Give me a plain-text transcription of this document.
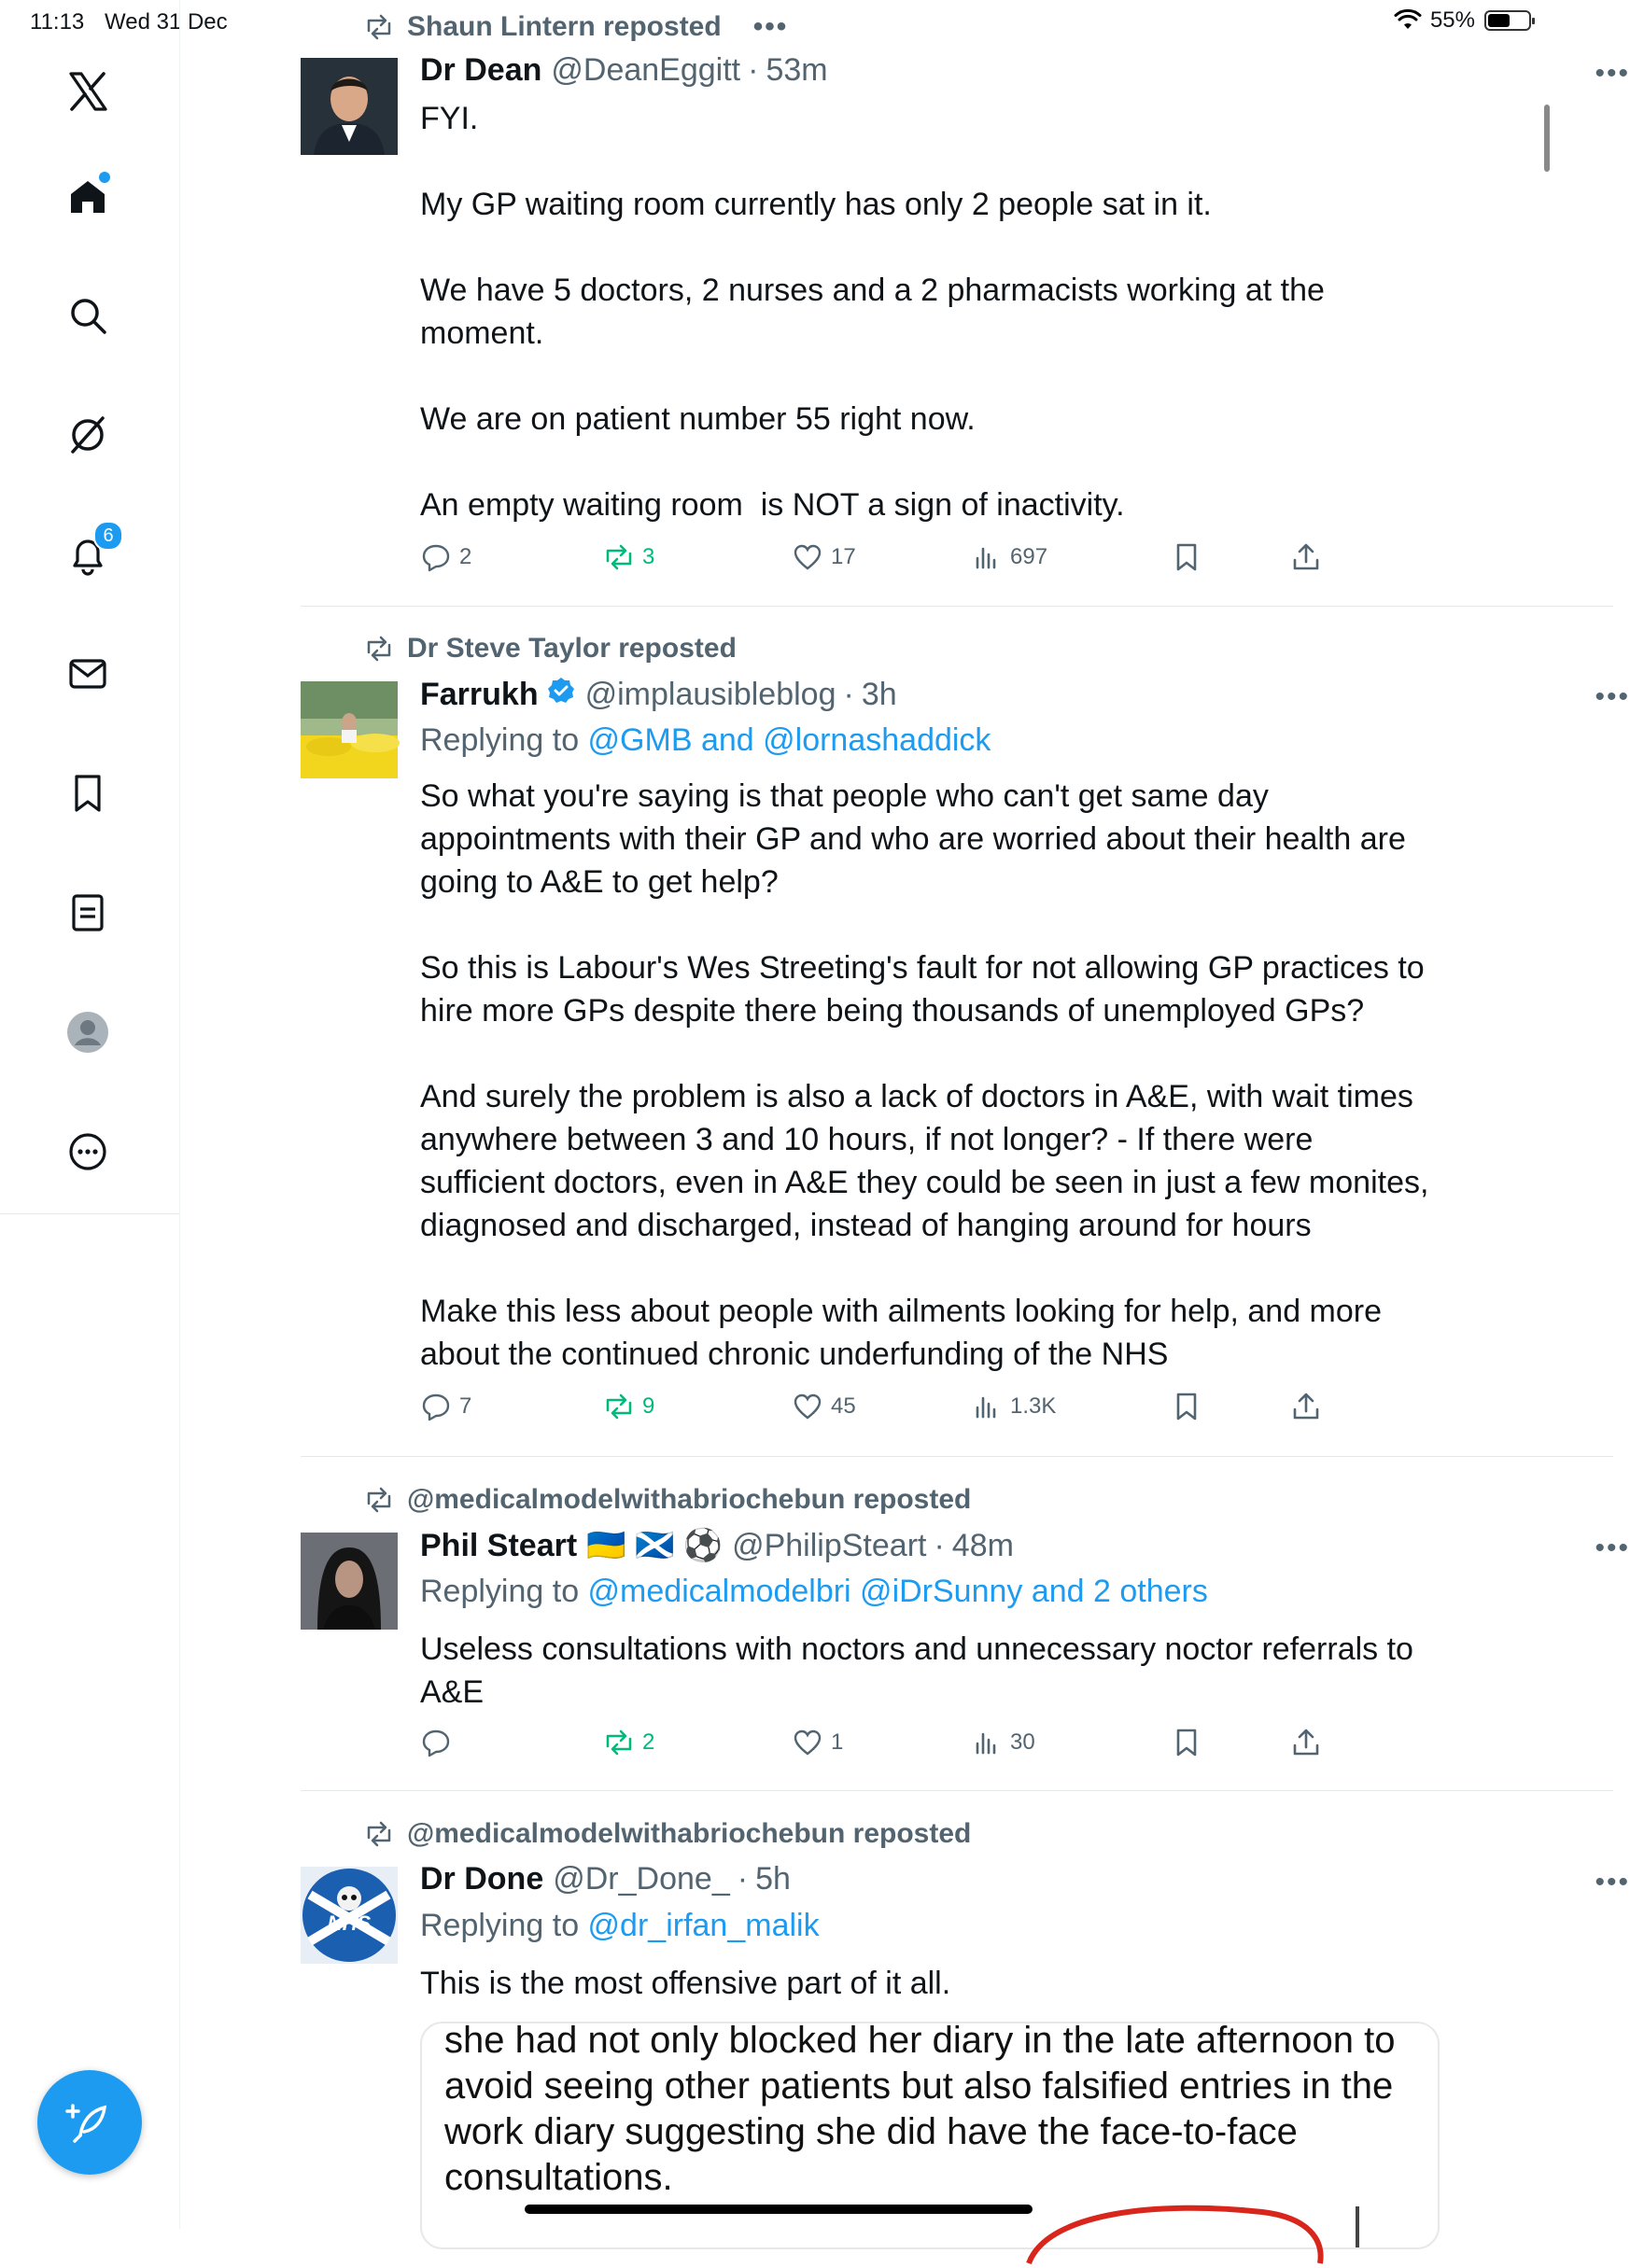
11:13 Wed 31 Dec	55%
6
Shaun Lintern reposted •••
Dr Dean @DeanEggitt · 53m	•••
FYI.

My GP waiting room currently has only 2 people sat in it.

We have 5 doctors, 2 nurses and a 2 pharmacists working at the moment.

We are on patient number 55 right now.

An empty waiting room  is NOT a sign of inactivity.
2	3	17	697
Dr Steve Taylor reposted
Farrukh @implausibleblog · 3h	•••
Replying to @GMB and @lornashaddick
So what you're saying is that people who can't get same day appointments with their GP and who are worried about their health are going to A&E to get help?

So this is Labour's Wes Streeting's fault for not allowing GP practices to hire more GPs despite there being thousands of unemployed GPs?

And surely the problem is also a lack of doctors in A&E, with wait times anywhere between 3 and 10 hours, if not longer? - If there were sufficient doctors, even in A&E they could be seen in just a few monites, diagnosed and discharged, instead of hanging around for hours

Make this less about people with ailments looking for help, and more about the continued chronic underfunding of the NHS
7	9	45	1.3K
@medicalmodelwithabriochebun reposted
Phil Steart 🇺🇦 🏴󠁧󠁢󠁳󠁣󠁴󠁿 ⚽ @PhilipSteart · 48m	•••
Replying to @medicalmodelbri @iDrSunny and 2 others
Useless consultations with noctors and unnecessary noctor referrals to A&E
2	1	30
@medicalmodelwithabriochebun reposted
NHS
Dr Done @Dr_Done_ · 5h	•••
Replying to @dr_irfan_malik
This is the most offensive part of it all.
she had not only blocked her diary in the late afternoon to avoid seeing other patients but also falsified entries in the work diary suggesting she did have the face-to-face consultations.
